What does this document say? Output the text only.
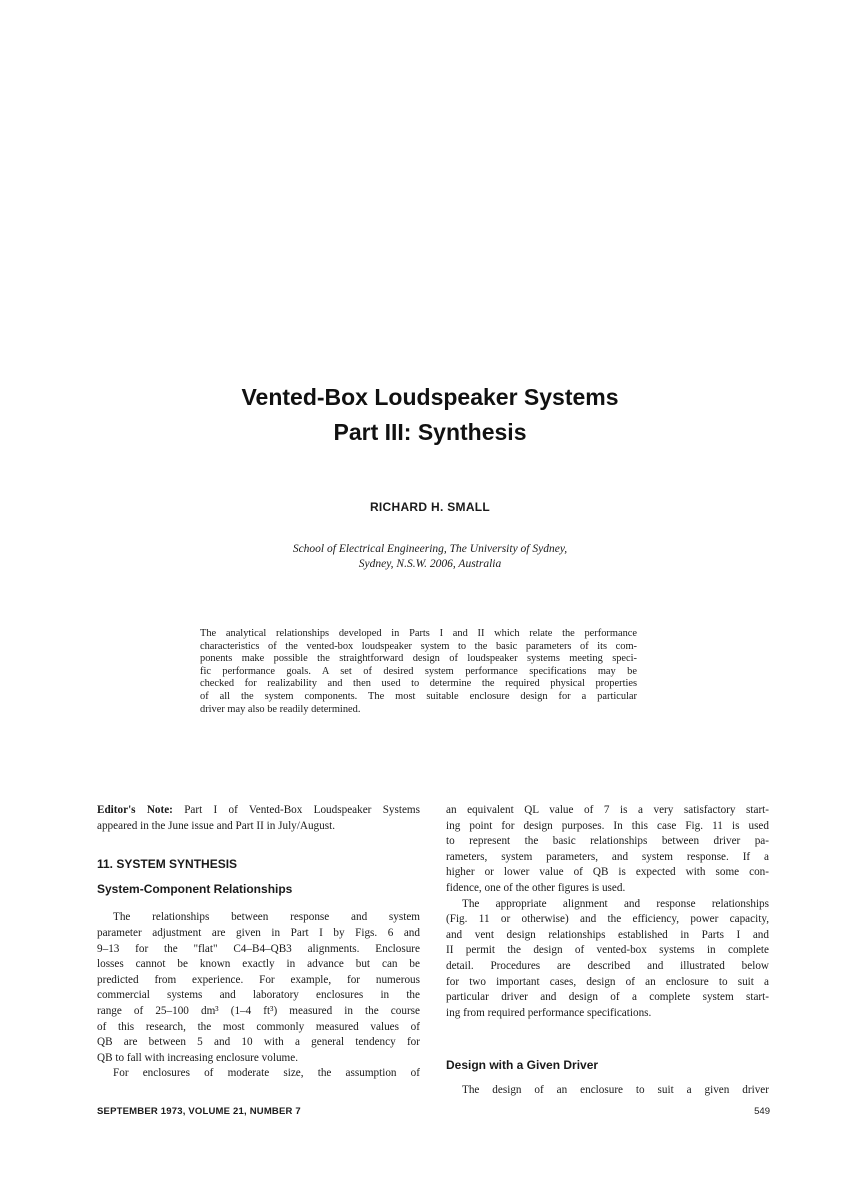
Vented-Box Loudspeaker Systems
Part III: Synthesis
RICHARD H. SMALL
School of Electrical Engineering, The University of Sydney,
Sydney, N.S.W. 2006, Australia
The analytical relationships developed in Parts I and II which relate the performance
characteristics of the vented-box loudspeaker system to the basic parameters of its com-
ponents make possible the straightforward design of loudspeaker systems meeting speci-
fic performance goals. A set of desired system performance specifications may be
checked for realizability and then used to determine the required physical properties
of all the system components. The most suitable enclosure design for a particular
driver may also be readily determined.
Editor's Note: Part I of Vented-Box Loudspeaker Systems
appeared in the June issue and Part II in July/August.
11. SYSTEM SYNTHESIS
System-Component Relationships
The relationships between response and system
parameter adjustment are given in Part I by Figs. 6 and
9–13 for the "flat" C4–B4–QB3 alignments. Enclosure
losses cannot be known exactly in advance but can be
predicted from experience. For example, for numerous
commercial systems and laboratory enclosures in the
range of 25–100 dm³ (1–4 ft³) measured in the course
of this research, the most commonly measured values of
QB are between 5 and 10 with a general tendency for
QB to fall with increasing enclosure volume.
For enclosures of moderate size, the assumption of
an equivalent QL value of 7 is a very satisfactory start-
ing point for design purposes. In this case Fig. 11 is used
to represent the basic relationships between driver pa-
rameters, system parameters, and system response. If a
higher or lower value of QB is expected with some con-
fidence, one of the other figures is used.
The appropriate alignment and response relationships
(Fig. 11 or otherwise) and the efficiency, power capacity,
and vent design relationships established in Parts I and
II permit the design of vented-box systems in complete
detail. Procedures are described and illustrated below
for two important cases, design of an enclosure to suit a
particular driver and design of a complete system start-
ing from required performance specifications.
Design with a Given Driver
The design of an enclosure to suit a given driver
SEPTEMBER 1973, VOLUME 21, NUMBER 7	549
